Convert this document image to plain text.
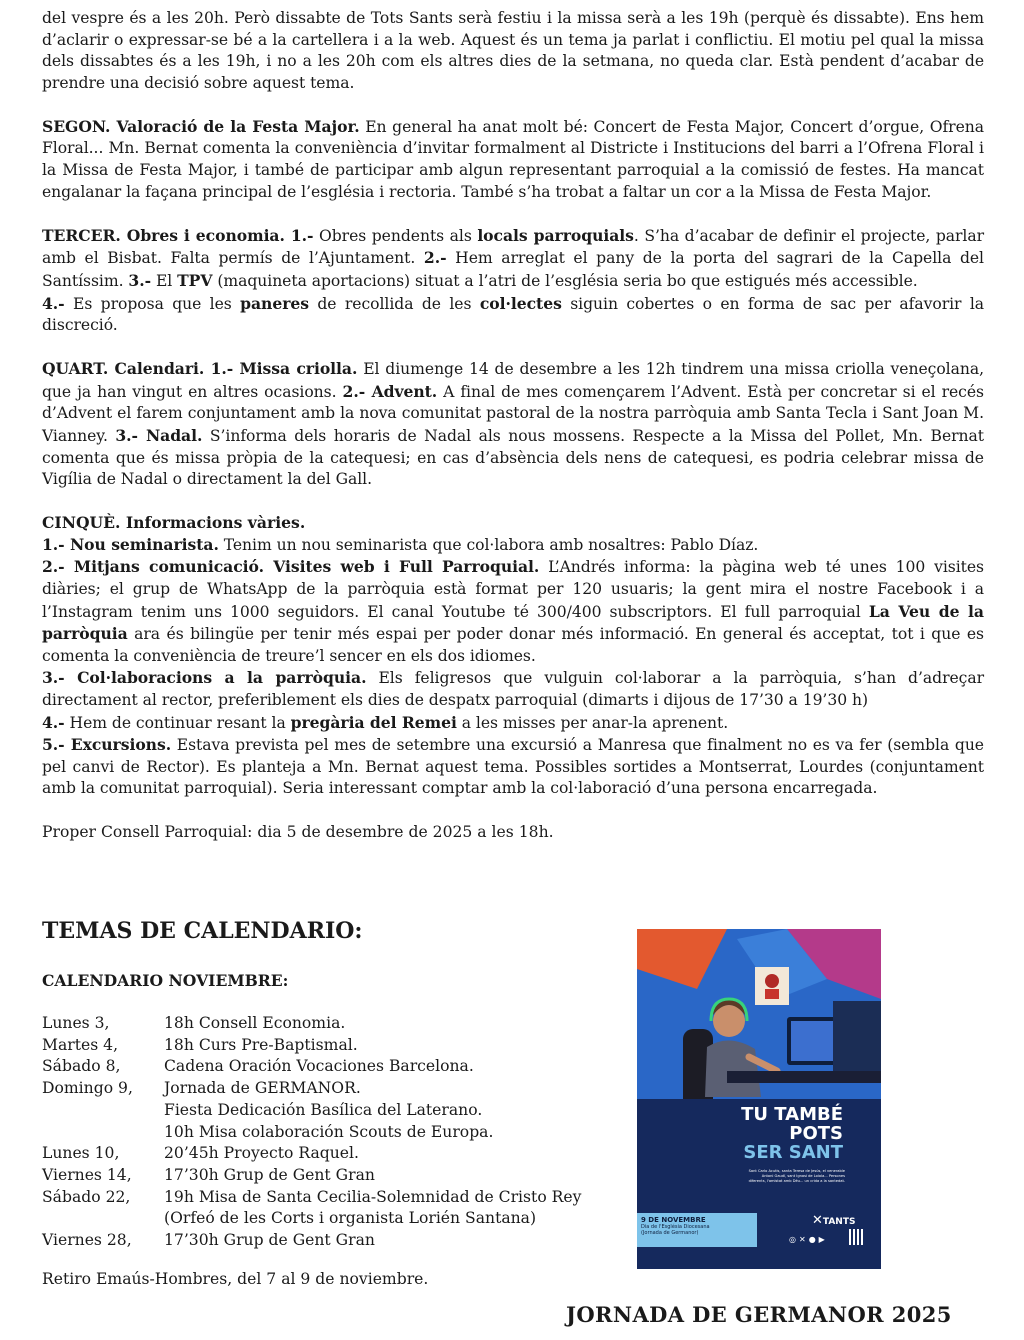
del vespre és a les 20h. Però dissabte de Tots Sants serà festiu i la missa serà a les 19h (perquè és dissabte). Ens hem d’aclarir o expressar-se bé a la cartellera i a la web. Aquest és un tema ja parlat i conflictiu. El motiu pel qual la missa dels dissabtes és a les 19h, i no a les 20h com els altres dies de la setmana, no queda clar. Està pendent d’acabar de prendre una decisió sobre aquest tema.

SEGON. Valoració de la Festa Major. En general ha anat molt bé: Concert de Festa Major, Concert d’orgue, Ofrena Floral... Mn. Bernat comenta la conveniència d’invitar formalment al Districte i Institucions del barri a l’Ofrena Floral i la Missa de Festa Major, i també de participar amb algun representant parroquial a la comissió de festes. Ha mancat engalanar la façana principal de l’església i rectoria. També s’ha trobat a faltar un cor a la Missa de Festa Major.

TERCER. Obres i economia. 1.- Obres pendents als locals parroquials. S’ha d’acabar de definir el projecte, parlar amb el Bisbat. Falta permís de l’Ajuntament. 2.- Hem arreglat el pany de la porta del sagrari de la Capella del Santíssim. 3.- El TPV (maquineta aportacions) situat a l’atri de l’església seria bo que estigués més accessible.
4.- Es proposa que les paneres de recollida de les col·lectes siguin cobertes o en forma de sac per afavorir la discreció.

QUART. Calendari. 1.- Missa criolla. El diumenge 14 de desembre a les 12h tindrem una missa criolla veneçolana, que ja han vingut en altres ocasions. 2.- Advent. A final de mes començarem l’Advent. Està per concretar si el recés d’Advent el farem conjuntament amb la nova comunitat pastoral de la nostra parròquia amb Santa Tecla i Sant Joan M. Vianney. 3.- Nadal. S’informa dels horaris de Nadal als nous mossens. Respecte a la Missa del Pollet, Mn. Bernat comenta que és missa pròpia de la catequesi; en cas d’absència dels nens de catequesi, es podria celebrar missa de Vigília de Nadal o directament la del Gall.

CINQUÈ. Informacions vàries.

1.- Nou seminarista. Tenim un nou seminarista que col·labora amb nosaltres: Pablo Díaz.

2.- Mitjans comunicació. Visites web i Full Parroquial. L’Andrés informa: la pàgina web té unes 100 visites diàries; el grup de WhatsApp de la parròquia està format per 120 usuaris; la gent mira el nostre Facebook i a l’Instagram tenim uns 1000 seguidors. El canal Youtube té 300/400 subscriptors. El full parroquial La Veu de la parròquia ara és bilingüe per tenir més espai per poder donar més informació. En general és acceptat, tot i que es comenta la conveniència de treure’l sencer en els dos idiomes.

3.- Col·laboracions a la parròquia. Els feligresos que vulguin col·laborar a la parròquia, s’han d’adreçar directament al rector, preferiblement els dies de despatx parroquial (dimarts i dijous de 17’30 a 19’30 h)

4.- Hem de continuar resant la pregària del Remei a les misses per anar-la aprenent.

5.- Excursions. Estava prevista pel mes de setembre una excursió a Manresa que finalment no es va fer (sembla que pel canvi de Rector). Es planteja a Mn. Bernat aquest tema. Possibles sortides a Montserrat, Lourdes (conjuntament amb la comunitat parroquial). Seria interessant comptar amb la col·laboració d’una persona encarregada.

Proper Consell Parroquial: dia 5 de desembre de 2025 a les 18h.

TEMAS DE CALENDARIO:
CALENDARIO NOVIEMBRE:
Lunes 3,	18h Consell Economia.
Martes 4,	18h Curs Pre-Baptismal.
Sábado 8,	Cadena Oración Vocaciones Barcelona.
Domingo 9,	Jornada de GERMANOR.
Fiesta Dedicación Basílica del Laterano.
10h Misa colaboración Scouts de Europa.
Lunes 10,	20’45h Proyecto Raquel.
Viernes 14,	17’30h Grup de Gent Gran
Sábado 22,	19h Misa de Santa Cecilia-Solemnidad de Cristo Rey
(Orfeó de les Corts i organista Lorién Santana)
Viernes 28,	17’30h Grup de Gent Gran

Retiro Emaús-Hombres, del 7 al 9 de noviembre.

TU TAMBÉ
POTS
SER SANT
Sant Carlo Acutis, santa Teresa de Jesús, el venerable Antoni Gaudí, sant Ignasi de Loiola... Persones diferents, l'amistat amb Déu... un crida a la santedat.
9 DE NOVEMBRE
Dia de l'Església Diocesana
(Jornada de Germanor)
✕TANTS
◎✕●▶
JORNADA DE GERMANOR 2025
